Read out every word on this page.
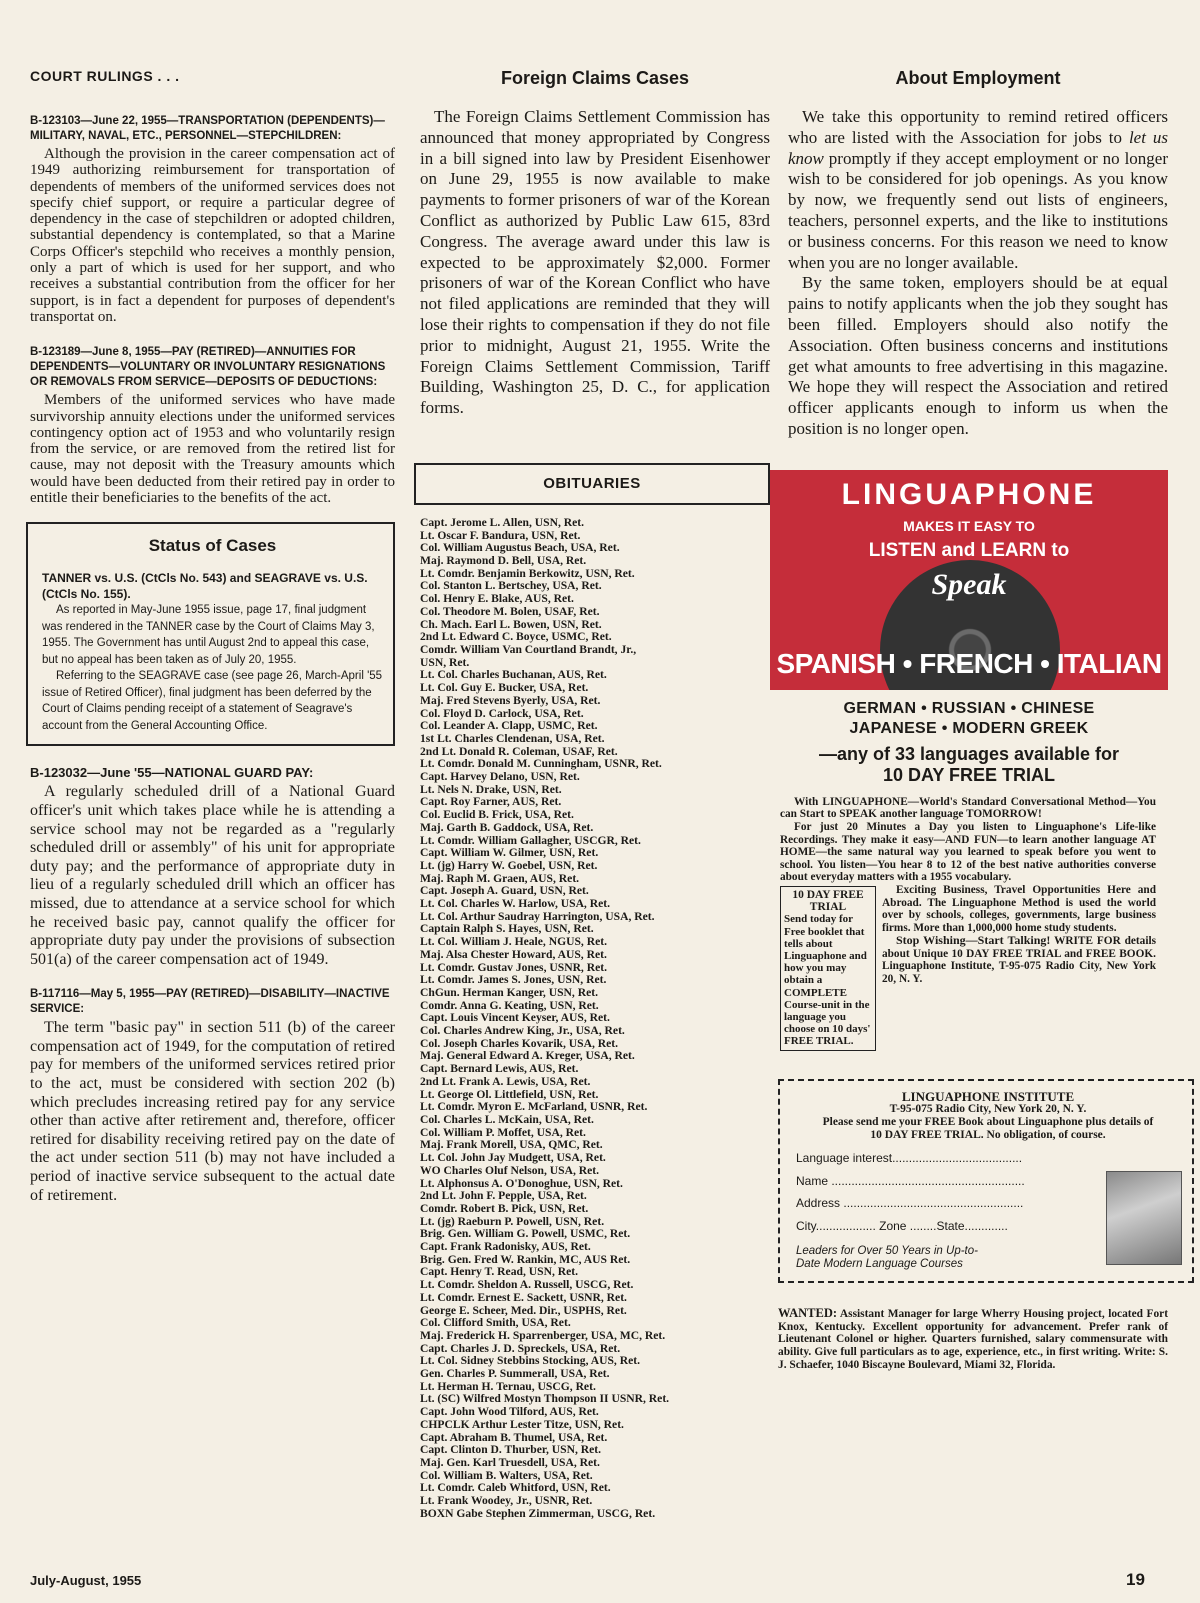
COURT RULINGS . . .
B-123103—June 22, 1955—TRANSPORTATION (DEPENDENTS)—MILITARY, NAVAL, ETC., PERSONNEL—STEPCHILDREN:

Although the provision in the career compensation act of 1949 authorizing reimbursement for transportation of dependents of members of the uniformed services does not specify chief support, or require a particular degree of dependency in the case of stepchildren or adopted children, substantial dependency is contemplated, so that a Marine Corps Officer's stepchild who receives a monthly pension, only a part of which is used for her support, and who receives a substantial contribution from the officer for her support, is in fact a dependent for purposes of dependent's transportat on.

B-123189—June 8, 1955—PAY (RETIRED)—ANNUITIES FOR DEPENDENTS—VOLUNTARY OR INVOLUNTARY RESIGNATIONS OR REMOVALS FROM SERVICE—DEPOSITS OF DEDUCTIONS:

Members of the uniformed services who have made survivorship annuity elections under the uniformed services contingency option act of 1953 and who voluntarily resign from the service, or are removed from the retired list for cause, may not deposit with the Treasury amounts which would have been deducted from their retired pay in order to entitle their beneficiaries to the benefits of the act.

Status of Cases
TANNER vs. U.S. (CtCls No. 543) and SEAGRAVE vs. U.S. (CtCls No. 155).

As reported in May-June 1955 issue, page 17, final judgment was rendered in the TANNER case by the Court of Claims May 3, 1955. The Government has until August 2nd to appeal this case, but no appeal has been taken as of July 20, 1955.

Referring to the SEAGRAVE case (see page 26, March-April '55 issue of Retired Officer), final judgment has been deferred by the Court of Claims pending receipt of a statement of Seagrave's account from the General Accounting Office.

B-123032—June '55—NATIONAL GUARD PAY:

A regularly scheduled drill of a National Guard officer's unit which takes place while he is attending a service school may not be regarded as a "regularly scheduled drill or assembly" of his unit for appropriate duty pay; and the performance of appropriate duty in lieu of a regularly scheduled drill which an officer has missed, due to attendance at a service school for which he received basic pay, cannot qualify the officer for appropriate duty pay under the provisions of subsection 501(a) of the career compensation act of 1949.

B-117116—May 5, 1955—PAY (RETIRED)—DISABILITY—INACTIVE SERVICE:

The term "basic pay" in section 511 (b) of the career compensation act of 1949, for the computation of retired pay for members of the uniformed services retired prior to the act, must be considered with section 202 (b) which precludes increasing retired pay for any service other than active after retirement and, therefore, officer retired for disability receiving retired pay on the date of the act under section 511 (b) may not have included a period of inactive service subsequent to the actual date of retirement.

Foreign Claims Cases

The Foreign Claims Settlement Commission has announced that money appropriated by Congress in a bill signed into law by President Eisenhower on June 29, 1955 is now available to make payments to former prisoners of war of the Korean Conflict as authorized by Public Law 615, 83rd Congress. The average award under this law is expected to be approximately $2,000. Former prisoners of war of the Korean Conflict who have not filed applications are reminded that they will lose their rights to compensation if they do not file prior to midnight, August 21, 1955. Write the Foreign Claims Settlement Commission, Tariff Building, Washington 25, D. C., for application forms.

OBITUARIES
Capt. Jerome L. Allen, USN, Ret.
Lt. Oscar F. Bandura, USN, Ret.
Col. William Augustus Beach, USA, Ret.
Maj. Raymond D. Bell, USA, Ret.
Lt. Comdr. Benjamin Berkowitz, USN, Ret.
Col. Stanton L. Bertschey, USA, Ret.
Col. Henry E. Blake, AUS, Ret.
Col. Theodore M. Bolen, USAF, Ret.
Ch. Mach. Earl L. Bowen, USN, Ret.
2nd Lt. Edward C. Boyce, USMC, Ret.
Comdr. William Van Courtland Brandt, Jr.,
USN, Ret.
Lt. Col. Charles Buchanan, AUS, Ret.
Lt. Col. Guy E. Bucker, USA, Ret.
Maj. Fred Stevens Byerly, USA, Ret.
Col. Floyd D. Carlock, USA, Ret.
Col. Leander A. Clapp, USMC, Ret.
1st Lt. Charles Clendenan, USA, Ret.
2nd Lt. Donald R. Coleman, USAF, Ret.
Lt. Comdr. Donald M. Cunningham, USNR, Ret.
Capt. Harvey Delano, USN, Ret.
Lt. Nels N. Drake, USN, Ret.
Capt. Roy Farner, AUS, Ret.
Col. Euclid B. Frick, USA, Ret.
Maj. Garth B. Gaddock, USA, Ret.
Lt. Comdr. William Gallagher, USCGR, Ret.
Capt. William W. Gilmer, USN, Ret.
Lt. (jg) Harry W. Goebel, USN, Ret.
Maj. Raph M. Graen, AUS, Ret.
Capt. Joseph A. Guard, USN, Ret.
Lt. Col. Charles W. Harlow, USA, Ret.
Lt. Col. Arthur Saudray Harrington, USA, Ret.
Captain Ralph S. Hayes, USN, Ret.
Lt. Col. William J. Heale, NGUS, Ret.
Maj. Alsa Chester Howard, AUS, Ret.
Lt. Comdr. Gustav Jones, USNR, Ret.
Lt. Comdr. James S. Jones, USN, Ret.
ChGun. Herman Kanger, USN, Ret.
Comdr. Anna G. Keating, USN, Ret.
Capt. Louis Vincent Keyser, AUS, Ret.
Col. Charles Andrew King, Jr., USA, Ret.
Col. Joseph Charles Kovarik, USA, Ret.
Maj. General Edward A. Kreger, USA, Ret.
Capt. Bernard Lewis, AUS, Ret.
2nd Lt. Frank A. Lewis, USA, Ret.
Lt. George Ol. Littlefield, USN, Ret.
Lt. Comdr. Myron E. McFarland, USNR, Ret.
Col. Charles L. McKain, USA, Ret.
Col. William P. Moffet, USA, Ret.
Maj. Frank Morell, USA, QMC, Ret.
Lt. Col. John Jay Mudgett, USA, Ret.
WO Charles Oluf Nelson, USA, Ret.
Lt. Alphonsus A. O'Donoghue, USN, Ret.
2nd Lt. John F. Pepple, USA, Ret.
Comdr. Robert B. Pick, USN, Ret.
Lt. (jg) Raeburn P. Powell, USN, Ret.
Brig. Gen. William G. Powell, USMC, Ret.
Capt. Frank Radonisky, AUS, Ret.
Brig. Gen. Fred W. Rankin, MC, AUS Ret.
Capt. Henry T. Read, USN, Ret.
Lt. Comdr. Sheldon A. Russell, USCG, Ret.
Lt. Comdr. Ernest E. Sackett, USNR, Ret.
George E. Scheer, Med. Dir., USPHS, Ret.
Col. Clifford Smith, USA, Ret.
Maj. Frederick H. Sparrenberger, USA, MC, Ret.
Capt. Charles J. D. Spreckels, USA, Ret.
Lt. Col. Sidney Stebbins Stocking, AUS, Ret.
Gen. Charles P. Summerall, USA, Ret.
Lt. Herman H. Ternau, USCG, Ret.
Lt. (SC) Wilfred Mostyn Thompson II USNR, Ret.
Capt. John Wood Tilford, AUS, Ret.
CHPCLK Arthur Lester Titze, USN, Ret.
Capt. Abraham B. Thumel, USA, Ret.
Capt. Clinton D. Thurber, USN, Ret.
Maj. Gen. Karl Truesdell, USA, Ret.
Col. William B. Walters, USA, Ret.
Lt. Comdr. Caleb Whitford, USN, Ret.
Lt. Frank Woodey, Jr., USNR, Ret.
BOXN Gabe Stephen Zimmerman, USCG, Ret.
About Employment

We take this opportunity to remind retired officers who are listed with the Association for jobs to let us know promptly if they accept employment or no longer wish to be considered for job openings. As you know by now, we frequently send out lists of engineers, teachers, personnel experts, and the like to institutions or business concerns. For this reason we need to know when you are no longer available.

By the same token, employers should be at equal pains to notify applicants when the job they sought has been filled. Employers should also notify the Association. Often business concerns and institutions get what amounts to free advertising in this magazine. We hope they will respect the Association and retired officer applicants enough to inform us when the position is no longer open.

LINGUAPHONE
MAKES IT EASY TO
LISTEN and LEARN to
Speak
SPANISH • FRENCH • ITALIAN
GERMAN • RUSSIAN • CHINESE
JAPANESE • MODERN GREEK
—any of 33 languages available for
10 DAY FREE TRIAL

With LINGUAPHONE—World's Standard Conversational Method—You can Start to SPEAK another language TOMORROW!

For just 20 Minutes a Day you listen to Linguaphone's Life-like Recordings. They make it easy—AND FUN—to learn another language AT HOME—the same natural way you learned to speak before you went to school. You listen—You hear 8 to 12 of the best native authorities converse about everyday matters with a 1955 vocabulary.

10 DAY FREE TRIAL
Send today for Free booklet that tells about Linguaphone and how you may obtain a COMPLETE Course-unit in the language you choose on 10 days' FREE TRIAL.

Exciting Business, Travel Opportunities Here and Abroad. The Linguaphone Method is used the world over by schools, colleges, governments, large business firms. More than 1,000,000 home study students.

Stop Wishing—Start Talking! WRITE FOR details about Unique 10 DAY FREE TRIAL and FREE BOOK. Linguaphone Institute, T-95-075 Radio City, New York 20, N. Y.

LINGUAPHONE INSTITUTE
T-95-075 Radio City, New York 20, N. Y.
Please send me your FREE Book about Linguaphone plus details of 10 DAY FREE TRIAL. No obligation, of course.
Language interest.......................................
Name ..........................................................
Address ......................................................
City.................. Zone ........State.............
Leaders for Over 50 Years in Up-to-
Date Modern Language Courses

WANTED: Assistant Manager for large Wherry Housing project, located Fort Knox, Kentucky. Excellent opportunity for advancement. Prefer rank of Lieutenant Colonel or higher. Quarters furnished, salary commensurate with ability. Give full particulars as to age, experience, etc., in first writing. Write: S. J. Schaefer, 1040 Biscayne Boulevard, Miami 32, Florida.

July-August, 1955	19
